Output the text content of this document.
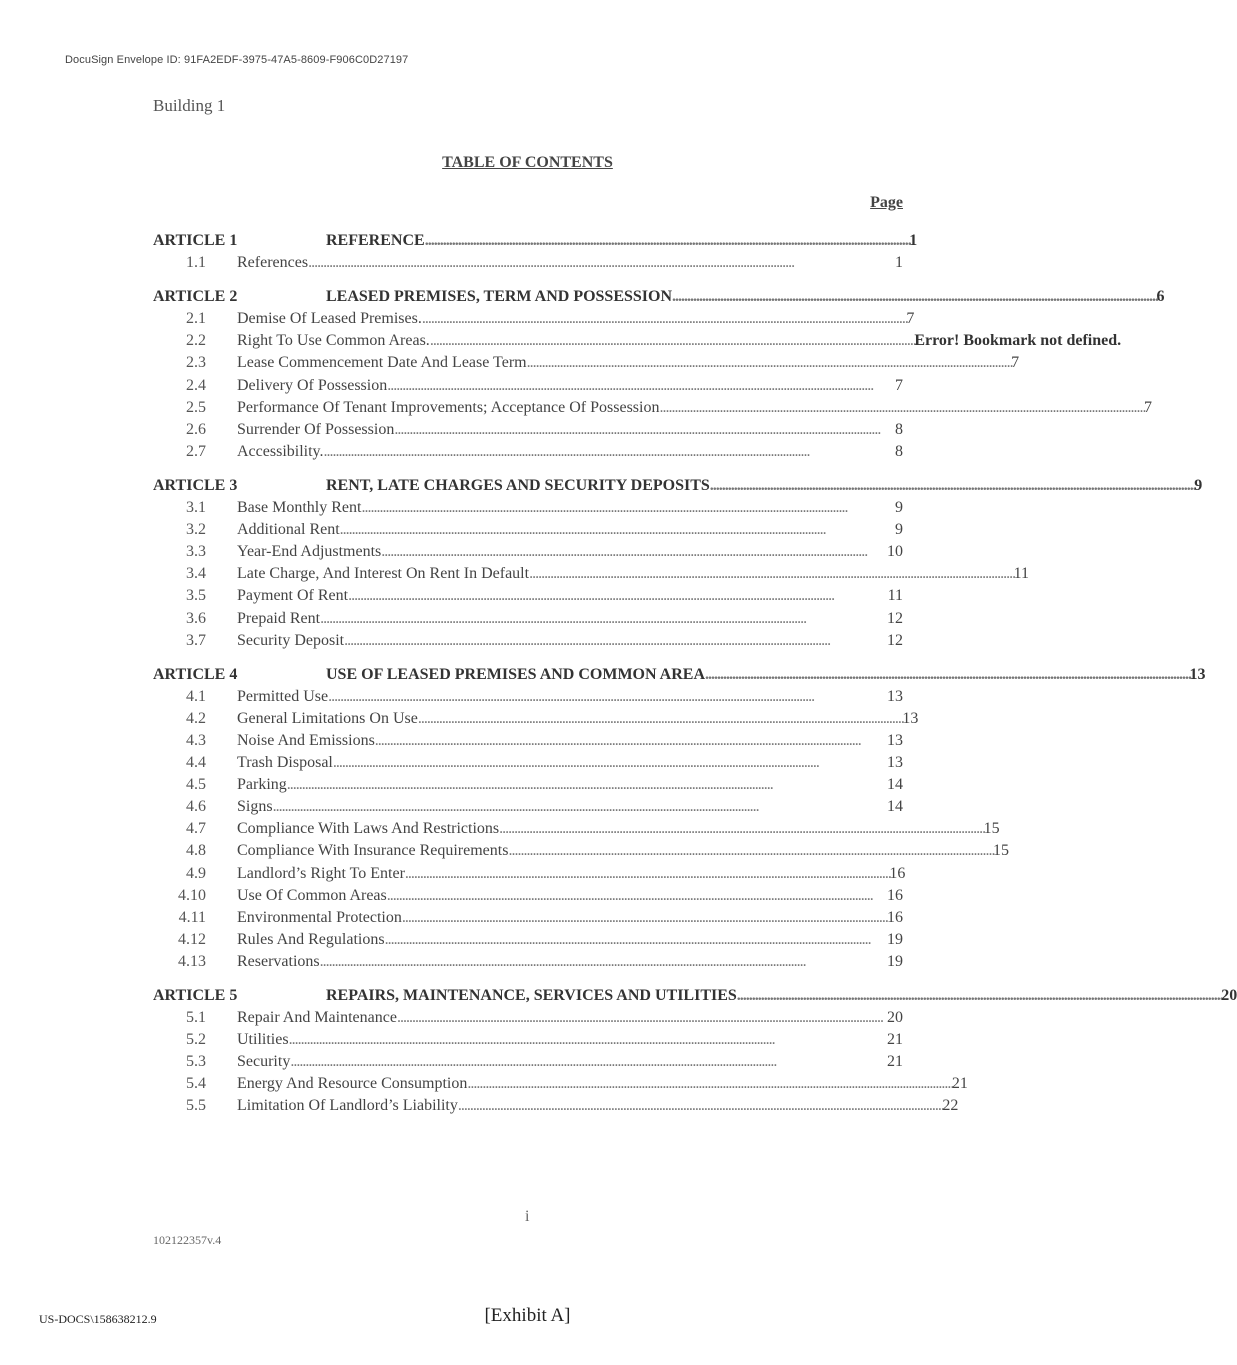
DocuSign Envelope ID: 91FA2EDF-3975-47A5-8609-F906C0D27197
Building 1
TABLE OF CONTENTS
Page
ARTICLE 1	REFERENCE . . .	1
1.1	References . . .	1
ARTICLE 2	LEASED PREMISES, TERM AND POSSESSION . . .	6
2.1	Demise Of Leased Premises. . . .	7
2.2	Right To Use Common Areas. . . .	Error! Bookmark not defined.
2.3	Lease Commencement Date And Lease Term . . .	7
2.4	Delivery Of Possession . . .	7
2.5	Performance Of Tenant Improvements; Acceptance Of Possession . . .	7
2.6	Surrender Of Possession . . .	8
2.7	Accessibility. . . .	8
ARTICLE 3	RENT, LATE CHARGES AND SECURITY DEPOSITS . . .	9
3.1	Base Monthly Rent . . .	9
3.2	Additional Rent . . .	9
3.3	Year-End Adjustments . . .	10
3.4	Late Charge, And Interest On Rent In Default . . .	11
3.5	Payment Of Rent . . .	11
3.6	Prepaid Rent . . .	12
3.7	Security Deposit . . .	12
ARTICLE 4	USE OF LEASED PREMISES AND COMMON AREA . . .	13
4.1	Permitted Use . . .	13
4.2	General Limitations On Use . . .	13
4.3	Noise And Emissions . . .	13
4.4	Trash Disposal . . .	13
4.5	Parking . . .	14
4.6	Signs . . .	14
4.7	Compliance With Laws And Restrictions . . .	15
4.8	Compliance With Insurance Requirements . . .	15
4.9	Landlord’s Right To Enter . . .	16
4.10	Use Of Common Areas . . .	16
4.11	Environmental Protection . . .	16
4.12	Rules And Regulations . . .	19
4.13	Reservations . . .	19
ARTICLE 5	REPAIRS, MAINTENANCE, SERVICES AND UTILITIES . . .	20
5.1	Repair And Maintenance . . .	20
5.2	Utilities . . .	21
5.3	Security . . .	21
5.4	Energy And Resource Consumption . . .	21
5.5	Limitation Of Landlord’s Liability . . .	22
i
102122357v.4
US-DOCS\158638212.9	[Exhibit A]
